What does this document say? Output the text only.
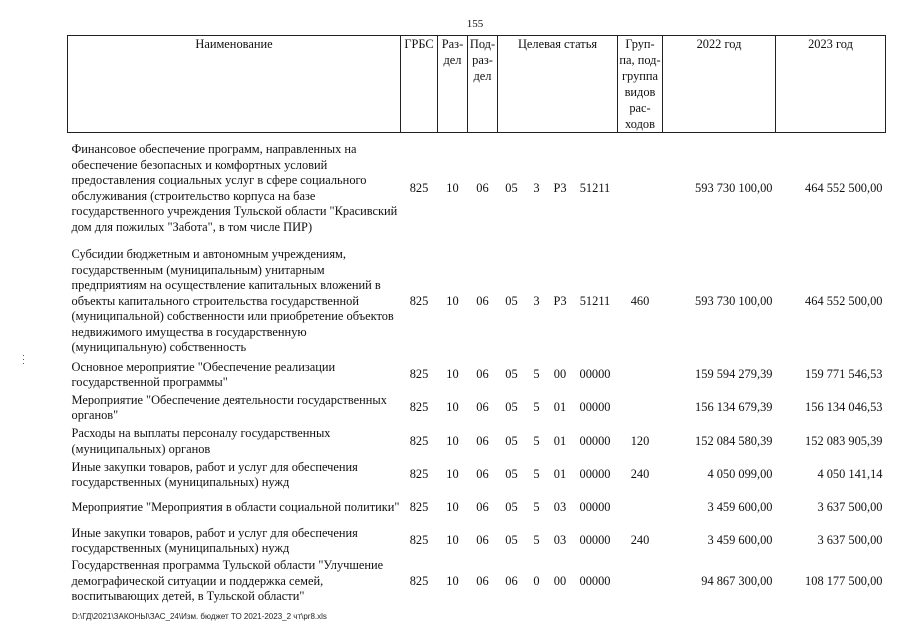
155
Наименование	ГРБС	Раз-дел	Под-раз-дел	Целевая статья				Груп-па, под-группа видов рас-ходов	2022 год	2023 год
Финансовое обеспечение программ, направленных на обеспечение безопасных и комфортных условий предоставления социальных услуг в сфере социального обслуживания (строительство корпуса на базе государственного учреждения Тульской области "Красивский дом для пожилых "Забота", в том числе ПИР)	825	10	06	05	3	Р3	51211		593 730 100,00	464 552 500,00
Субсидии бюджетным и автономным учреждениям, государственным (муниципальным) унитарным предприятиям на осуществление капитальных вложений в объекты капитального строительства государственной (муниципальной) собственности или приобретение объектов недвижимого имущества в государственную (муниципальную) собственность	825	10	06	05	3	Р3	51211	460	593 730 100,00	464 552 500,00
Основное мероприятие "Обеспечение реализации государственной программы"	825	10	06	05	5	00	00000		159 594 279,39	159 771 546,53
Мероприятие "Обеспечение деятельности государственных органов"	825	10	06	05	5	01	00000		156 134 679,39	156 134 046,53
Расходы на выплаты персоналу государственных (муниципальных) органов	825	10	06	05	5	01	00000	120	152 084 580,39	152 083 905,39
Иные закупки товаров, работ и услуг для обеспечения государственных (муниципальных) нужд	825	10	06	05	5	01	00000	240	4 050 099,00	4 050 141,14
Мероприятие "Мероприятия в области социальной политики"	825	10	06	05	5	03	00000		3 459 600,00	3 637 500,00
Иные закупки товаров, работ и услуг для обеспечения государственных (муниципальных) нужд	825	10	06	05	5	03	00000	240	3 459 600,00	3 637 500,00
Государственная программа Тульской области "Улучшение демографической ситуации и поддержка семей, воспитывающих детей, в Тульской области"	825	10	06	06	0	00	00000		94 867 300,00	108 177 500,00
D:\ГД\2021\ЗАКОНЫ\ЗАС_24\Изм. бюджет ТО 2021-2023_2 чт\pr8.xls
